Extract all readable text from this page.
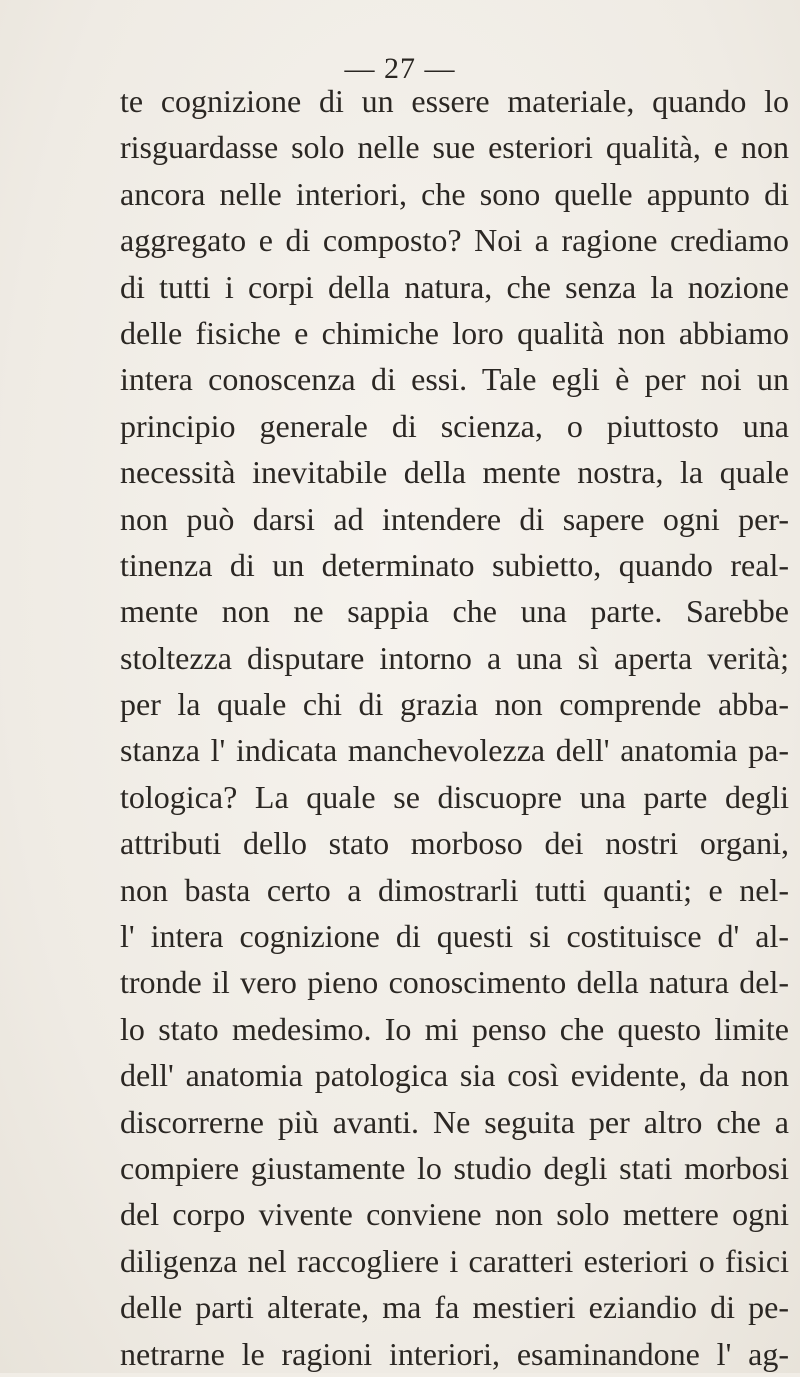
— 27 —
te cognizione di un essere materiale, quando lo
risguardasse solo nelle sue esteriori qualità, e non
ancora nelle interiori, che sono quelle appunto di
aggregato e di composto? Noi a ragione crediamo
di tutti i corpi della natura, che senza la nozione
delle fisiche e chimiche loro qualità non abbiamo
intera conoscenza di essi. Tale egli è per noi un
principio generale di scienza, o piuttosto una
necessità inevitabile della mente nostra, la quale
non può darsi ad intendere di sapere ogni per-
tinenza di un determinato subietto, quando real-
mente non ne sappia che una parte. Sarebbe
stoltezza disputare intorno a una sì aperta verità;
per la quale chi di grazia non comprende abba-
stanza l' indicata manchevolezza dell' anatomia pa-
tologica? La quale se discuopre una parte degli
attributi dello stato morboso dei nostri organi,
non basta certo a dimostrarli tutti quanti; e nel-
l' intera cognizione di questi si costituisce d' al-
tronde il vero pieno conoscimento della natura del-
lo stato medesimo. Io mi penso che questo limite
dell' anatomia patologica sia così evidente, da non
discorrerne più avanti. Ne seguita per altro che a
compiere giustamente lo studio degli stati morbosi
del corpo vivente conviene non solo mettere ogni
diligenza nel raccogliere i caratteri esteriori o fisici
delle parti alterate, ma fa mestieri eziandio di pe-
netrarne le ragioni interiori, esaminandone l' ag-
